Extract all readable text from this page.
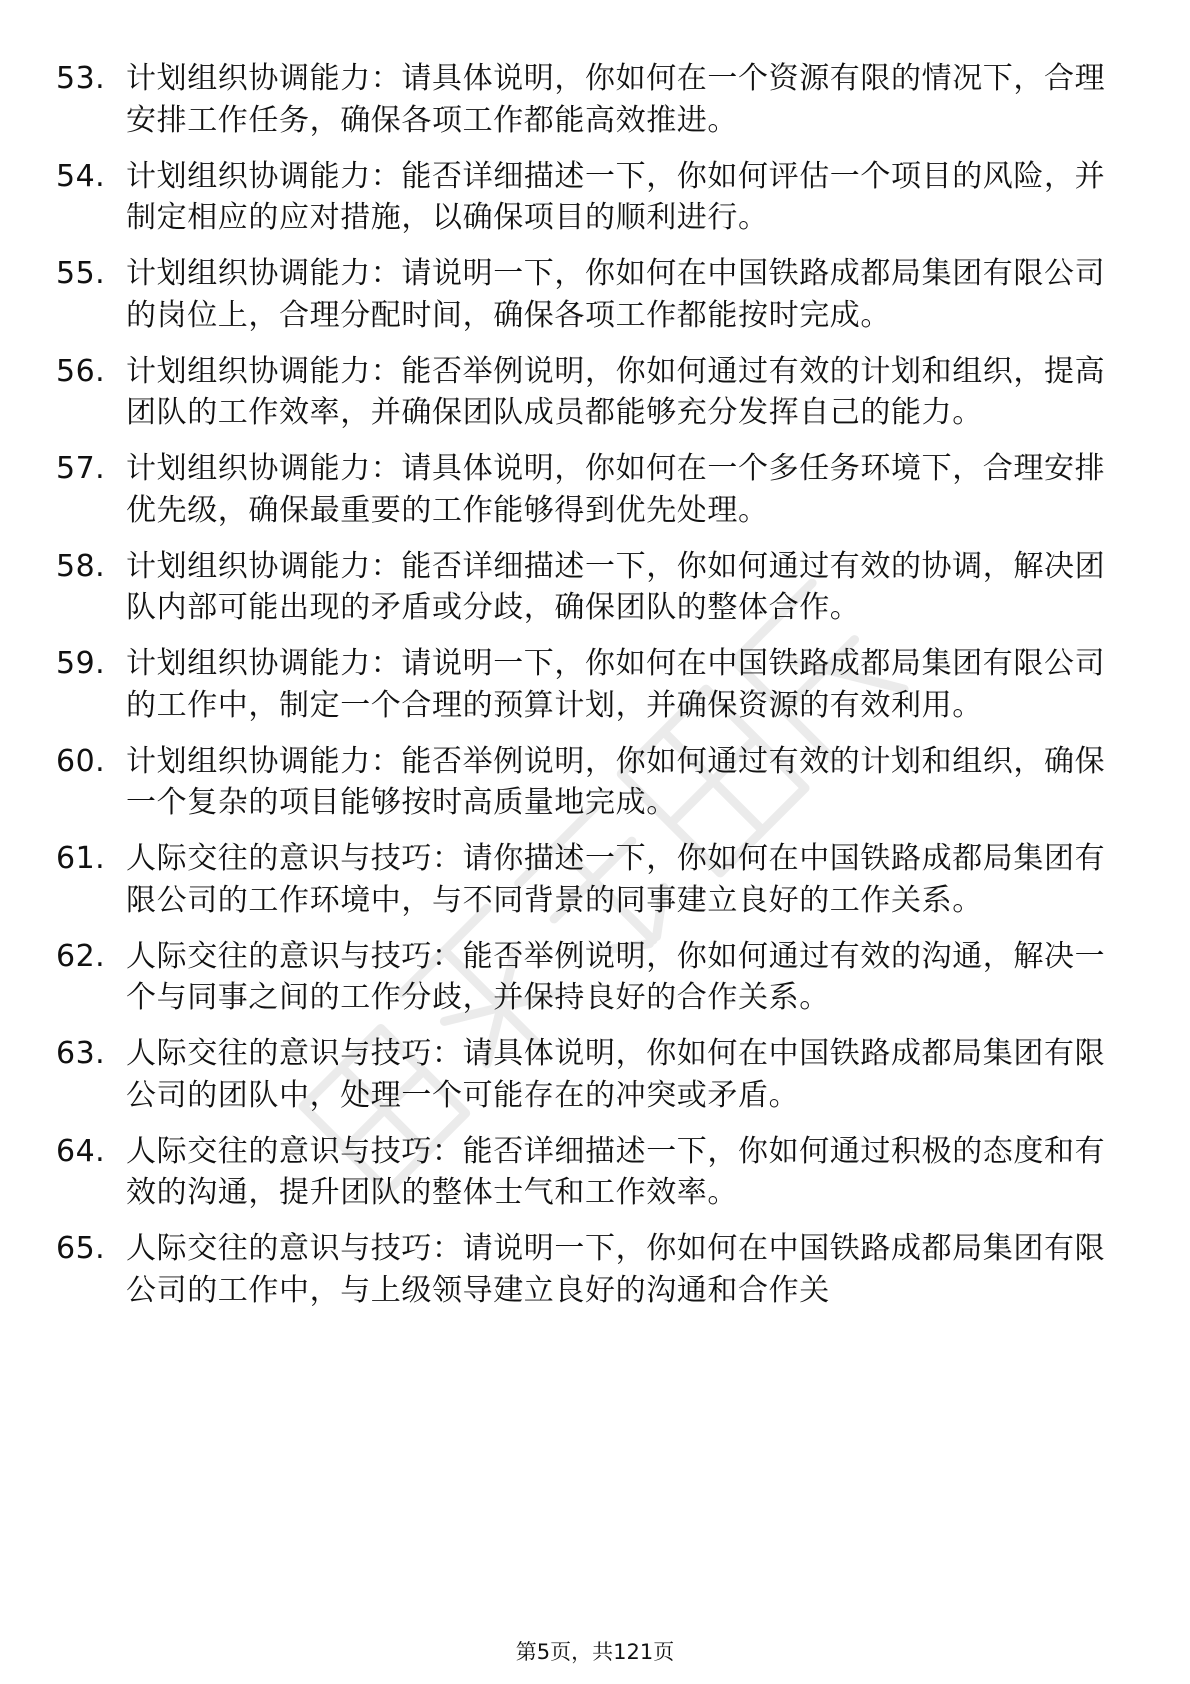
53. 计划组织协调能力：请具体说明，你如何在一个资源有限的情况下，合理安排工作任务，确保各项工作都能高效推进。
54. 计划组织协调能力：能否详细描述一下，你如何评估一个项目的风险，并制定相应的应对措施，以确保项目的顺利进行。
55. 计划组织协调能力：请说明一下，你如何在中国铁路成都局集团有限公司的岗位上，合理分配时间，确保各项工作都能按时完成。
56. 计划组织协调能力：能否举例说明，你如何通过有效的计划和组织，提高团队的工作效率，并确保团队成员都能够充分发挥自己的能力。
57. 计划组织协调能力：请具体说明，你如何在一个多任务环境下，合理安排优先级，确保最重要的工作能够得到优先处理。
58. 计划组织协调能力：能否详细描述一下，你如何通过有效的协调，解决团队内部可能出现的矛盾或分歧，确保团队的整体合作。
59. 计划组织协调能力：请说明一下，你如何在中国铁路成都局集团有限公司的工作中，制定一个合理的预算计划，并确保资源的有效利用。
60. 计划组织协调能力：能否举例说明，你如何通过有效的计划和组织，确保一个复杂的项目能够按时高质量地完成。
61. 人际交往的意识与技巧：请你描述一下，你如何在中国铁路成都局集团有限公司的工作环境中，与不同背景的同事建立良好的工作关系。
62. 人际交往的意识与技巧：能否举例说明，你如何通过有效的沟通，解决一个与同事之间的工作分歧，并保持良好的合作关系。
63. 人际交往的意识与技巧：请具体说明，你如何在中国铁路成都局集团有限公司的团队中，处理一个可能存在的冲突或矛盾。
64. 人际交往的意识与技巧：能否详细描述一下，你如何通过积极的态度和有效的沟通，提升团队的整体士气和工作效率。
65. 人际交往的意识与技巧：请说明一下，你如何在中国铁路成都局集团有限公司的工作中，与上级领导建立良好的沟通和合作关
第5页，共121页
